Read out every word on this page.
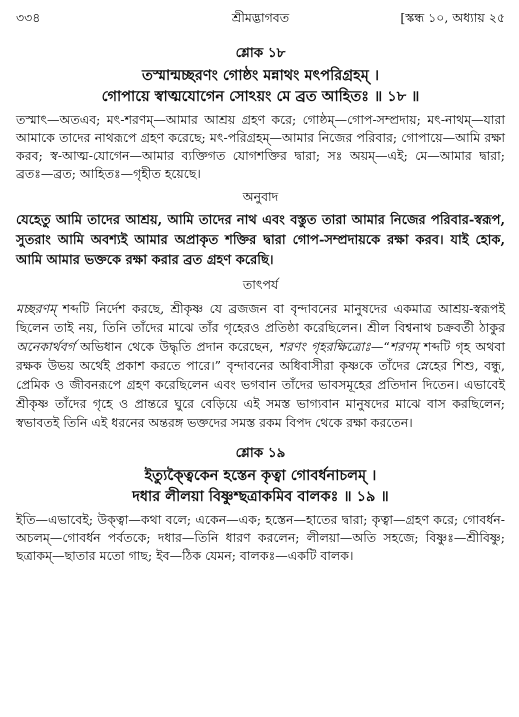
৩৩৪	শ্রীমদ্ভাগবত	[স্কন্ধ ১০, অধ্যায় ২৫
শ্লোক ১৮
তস্মান্মচ্ছরণং গোষ্ঠং মন্নাথং মৎপরিগ্রহম্ ।
গোপায়ে স্বাত্মযোগেন সোঽয়ং মে ব্রত আহিতঃ ॥ ১৮ ॥
তস্মাৎ—অতএব; মৎ-শরণম্—আমার আশ্রয় গ্রহণ করে; গোষ্ঠম্—গোপ-সম্প্রদায়; মৎ-নাথম্—যারা আমাকে তাদের নাথরূপে গ্রহণ করেছে; মৎ-পরিগ্রহম্—আমার নিজের পরিবার; গোপায়ে—আমি রক্ষা করব; স্ব-আত্ম-যোগেন—আমার ব্যক্তিগত যোগশক্তির দ্বারা; সঃ অয়ম্—এই; মে—আমার দ্বারা; ব্রতঃ—ব্রত; আহিতঃ—গৃহীত হয়েছে।
অনুবাদ
যেহেতু আমি তাদের আশ্রয়, আমি তাদের নাথ এবং বস্তুত তারা আমার নিজের পরিবার-স্বরূপ, সুতরাং আমি অবশ্যই আমার অপ্রাকৃত শক্তির দ্বারা গোপ-সম্প্রদায়কে রক্ষা করব। যাই হোক, আমি আমার ভক্তকে রক্ষা করার ব্রত গ্রহণ করেছি।
তাৎপর্য
মচ্ছরণম্ শব্দটি নির্দেশ করছে, শ্রীকৃষ্ণ যে ব্রজজন বা বৃন্দাবনের মানুষদের একমাত্র আশ্রয়-স্বরূপই ছিলেন তাই নয়, তিনি তাঁদের মাঝে তাঁর গৃহেরও প্রতিষ্ঠা করেছিলেন। শ্রীল বিশ্বনাথ চক্রবর্তী ঠাকুর অনেকার্থবর্গ অভিধান থেকে উদ্ধৃতি প্রদান করেছেন, শরণং গৃহরক্ষিত্রোঃ—“শরণম্ শব্দটি গৃহ অথবা রক্ষক উভয় অর্থেই প্রকাশ করতে পারে।” বৃন্দাবনের অধিবাসীরা কৃষ্ণকে তাঁদের স্নেহের শিশু, বন্ধু, প্রেমিক ও জীবনরূপে গ্রহণ করেছিলেন এবং ভগবান তাঁদের ভাবসমূহের প্রতিদান দিতেন। এভাবেই শ্রীকৃষ্ণ তাঁদের গৃহে ও প্রান্তরে ঘুরে বেড়িয়ে এই সমস্ত ভাগ্যবান মানুষদের মাঝে বাস করছিলেন; স্বভাবতই তিনি এই ধরনের অন্তরঙ্গ ভক্তদের সমস্ত রকম বিপদ থেকে রক্ষা করতেন।
শ্লোক ১৯
ইত্যুক্ত্বৈকেন হস্তেন কৃত্বা গোবর্ধনাচলম্ ।
দধার লীলয়া বিষ্ণুশ্ছত্রাকমিব বালকঃ ॥ ১৯ ॥
ইতি—এভাবেই; উক্ত্বা—কথা বলে; একেন—এক; হস্তেন—হাতের দ্বারা; কৃত্বা—গ্রহণ করে; গোবর্ধন-অচলম্—গোবর্ধন পর্বতকে; দধার—তিনি ধারণ করলেন; লীলয়া—অতি সহজে; বিষ্ণুঃ—শ্রীবিষ্ণু; ছত্রাকম্—ছাতার মতো গাছ; ইব—ঠিক যেমন; বালকঃ—একটি বালক।
